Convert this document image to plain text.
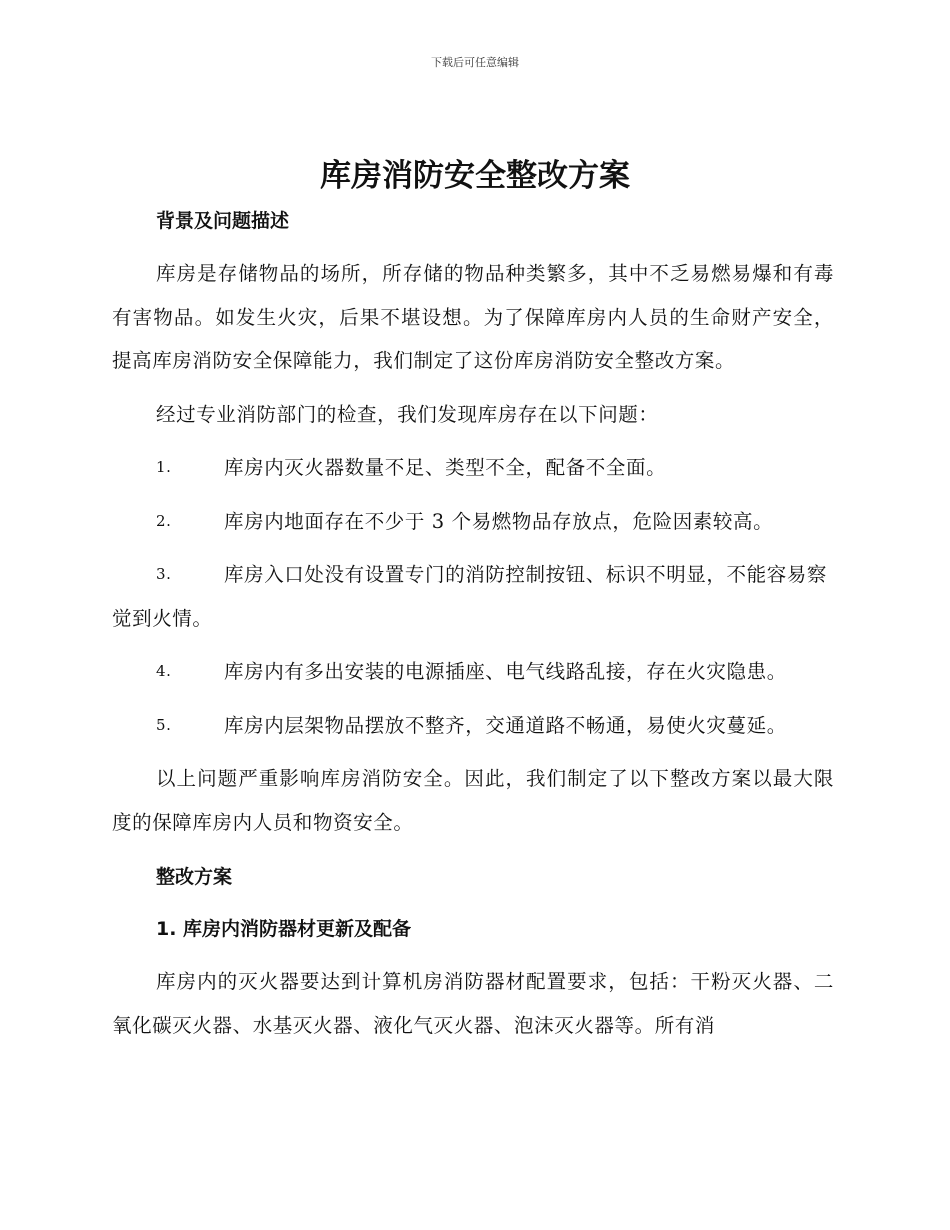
下载后可任意编辑
库房消防安全整改方案
背景及问题描述

库房是存储物品的场所，所存储的物品种类繁多，其中不乏易燃易爆和有毒有害物品。如发生火灾，后果不堪设想。为了保障库房内人员的生命财产安全，提高库房消防安全保障能力，我们制定了这份库房消防安全整改方案。

经过专业消防部门的检查，我们发现库房存在以下问题：

1.	库房内灭火器数量不足、类型不全，配备不全面。

2.	库房内地面存在不少于 3 个易燃物品存放点，危险因素较高。

3.	库房入口处没有设置专门的消防控制按钮、标识不明显，不能容易察觉到火情。

4.	库房内有多出安装的电源插座、电气线路乱接，存在火灾隐患。

5.	库房内层架物品摆放不整齐，交通道路不畅通，易使火灾蔓延。

以上问题严重影响库房消防安全。因此，我们制定了以下整改方案以最大限度的保障库房内人员和物资安全。

整改方案
1. 库房内消防器材更新及配备

库房内的灭火器要达到计算机房消防器材配置要求，包括：干粉灭火器、二氧化碳灭火器、水基灭火器、液化气灭火器、泡沫灭火器等。所有消
